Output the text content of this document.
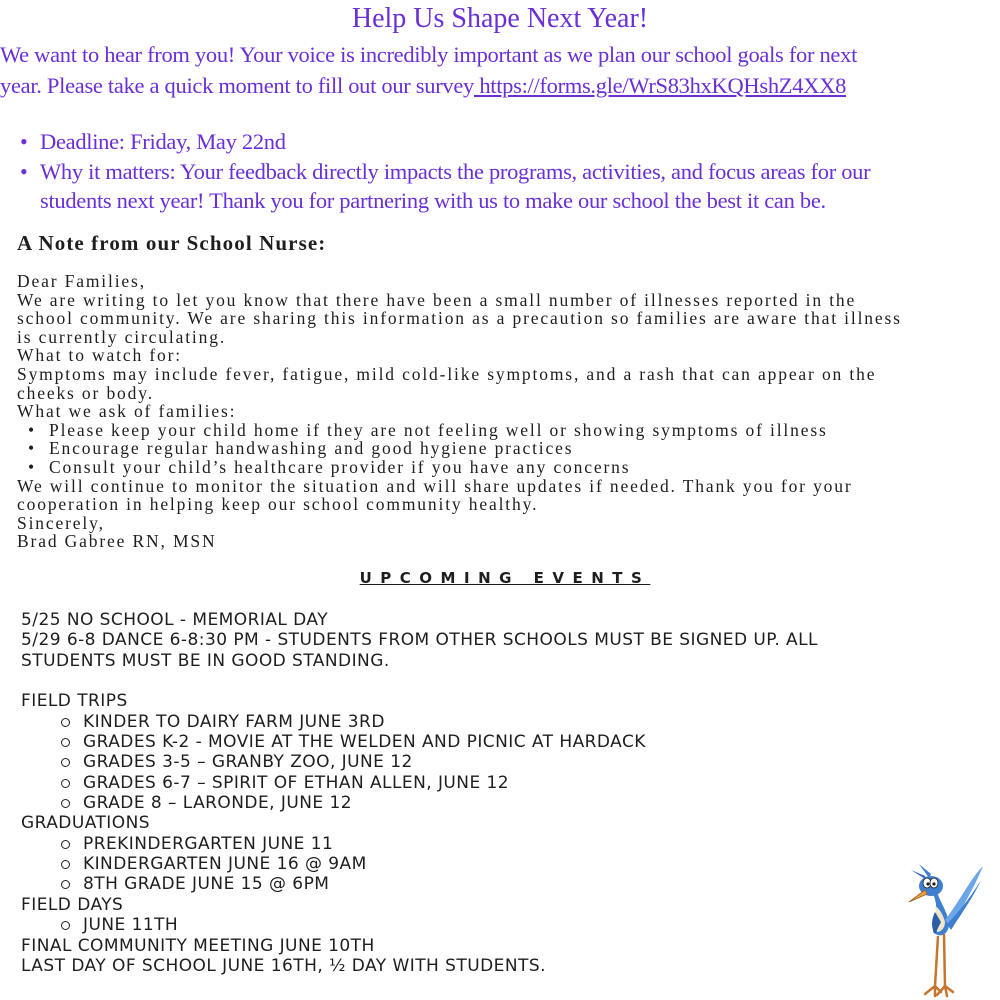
Help Us Shape Next Year!

We want to hear from you! Your voice is incredibly important as we plan our school goals for next
year. Please take a quick moment to fill out our survey https://forms.gle/WrS83hxKQHshZ4XX8

• Deadline: Friday, May 22nd
• Why it matters: Your feedback directly impacts the programs, activities, and focus areas for our
students next year! Thank you for partnering with us to make our school the best it can be.
A Note from our School Nurse:

Dear Families,

We are writing to let you know that there have been a small number of illnesses reported in the

school community. We are sharing this information as a precaution so families are aware that illness

is currently circulating.

What to watch for:

Symptoms may include fever, fatigue, mild cold-like symptoms, and a rash that can appear on the

cheeks or body.

What we ask of families:

• Please keep your child home if they are not feeling well or showing symptoms of illness
• Encourage regular handwashing and good hygiene practices
• Consult your child’s healthcare provider if you have any concerns

We will continue to monitor the situation and will share updates if needed. Thank you for your

cooperation in helping keep our school community healthy.

Sincerely,

Brad Gabree RN, MSN

UPCOMING EVENTS
5/25 NO SCHOOL - MEMORIAL DAY
5/29 6-8 DANCE 6-8:30 PM - STUDENTS FROM OTHER SCHOOLS MUST BE SIGNED UP. ALL
STUDENTS MUST BE IN GOOD STANDING.
FIELD TRIPS
KINDER TO DAIRY FARM JUNE 3RD
GRADES K-2 - MOVIE AT THE WELDEN AND PICNIC AT HARDACK
GRADES 3-5 – GRANBY ZOO, JUNE 12
GRADES 6-7 – SPIRIT OF ETHAN ALLEN, JUNE 12
GRADE 8 – LARONDE, JUNE 12
GRADUATIONS
PREKINDERGARTEN JUNE 11
KINDERGARTEN JUNE 16 @ 9AM
8TH GRADE JUNE 15 @ 6PM
FIELD DAYS
JUNE 11TH
FINAL COMMUNITY MEETING JUNE 10TH
LAST DAY OF SCHOOL JUNE 16TH, ½ DAY WITH STUDENTS.
